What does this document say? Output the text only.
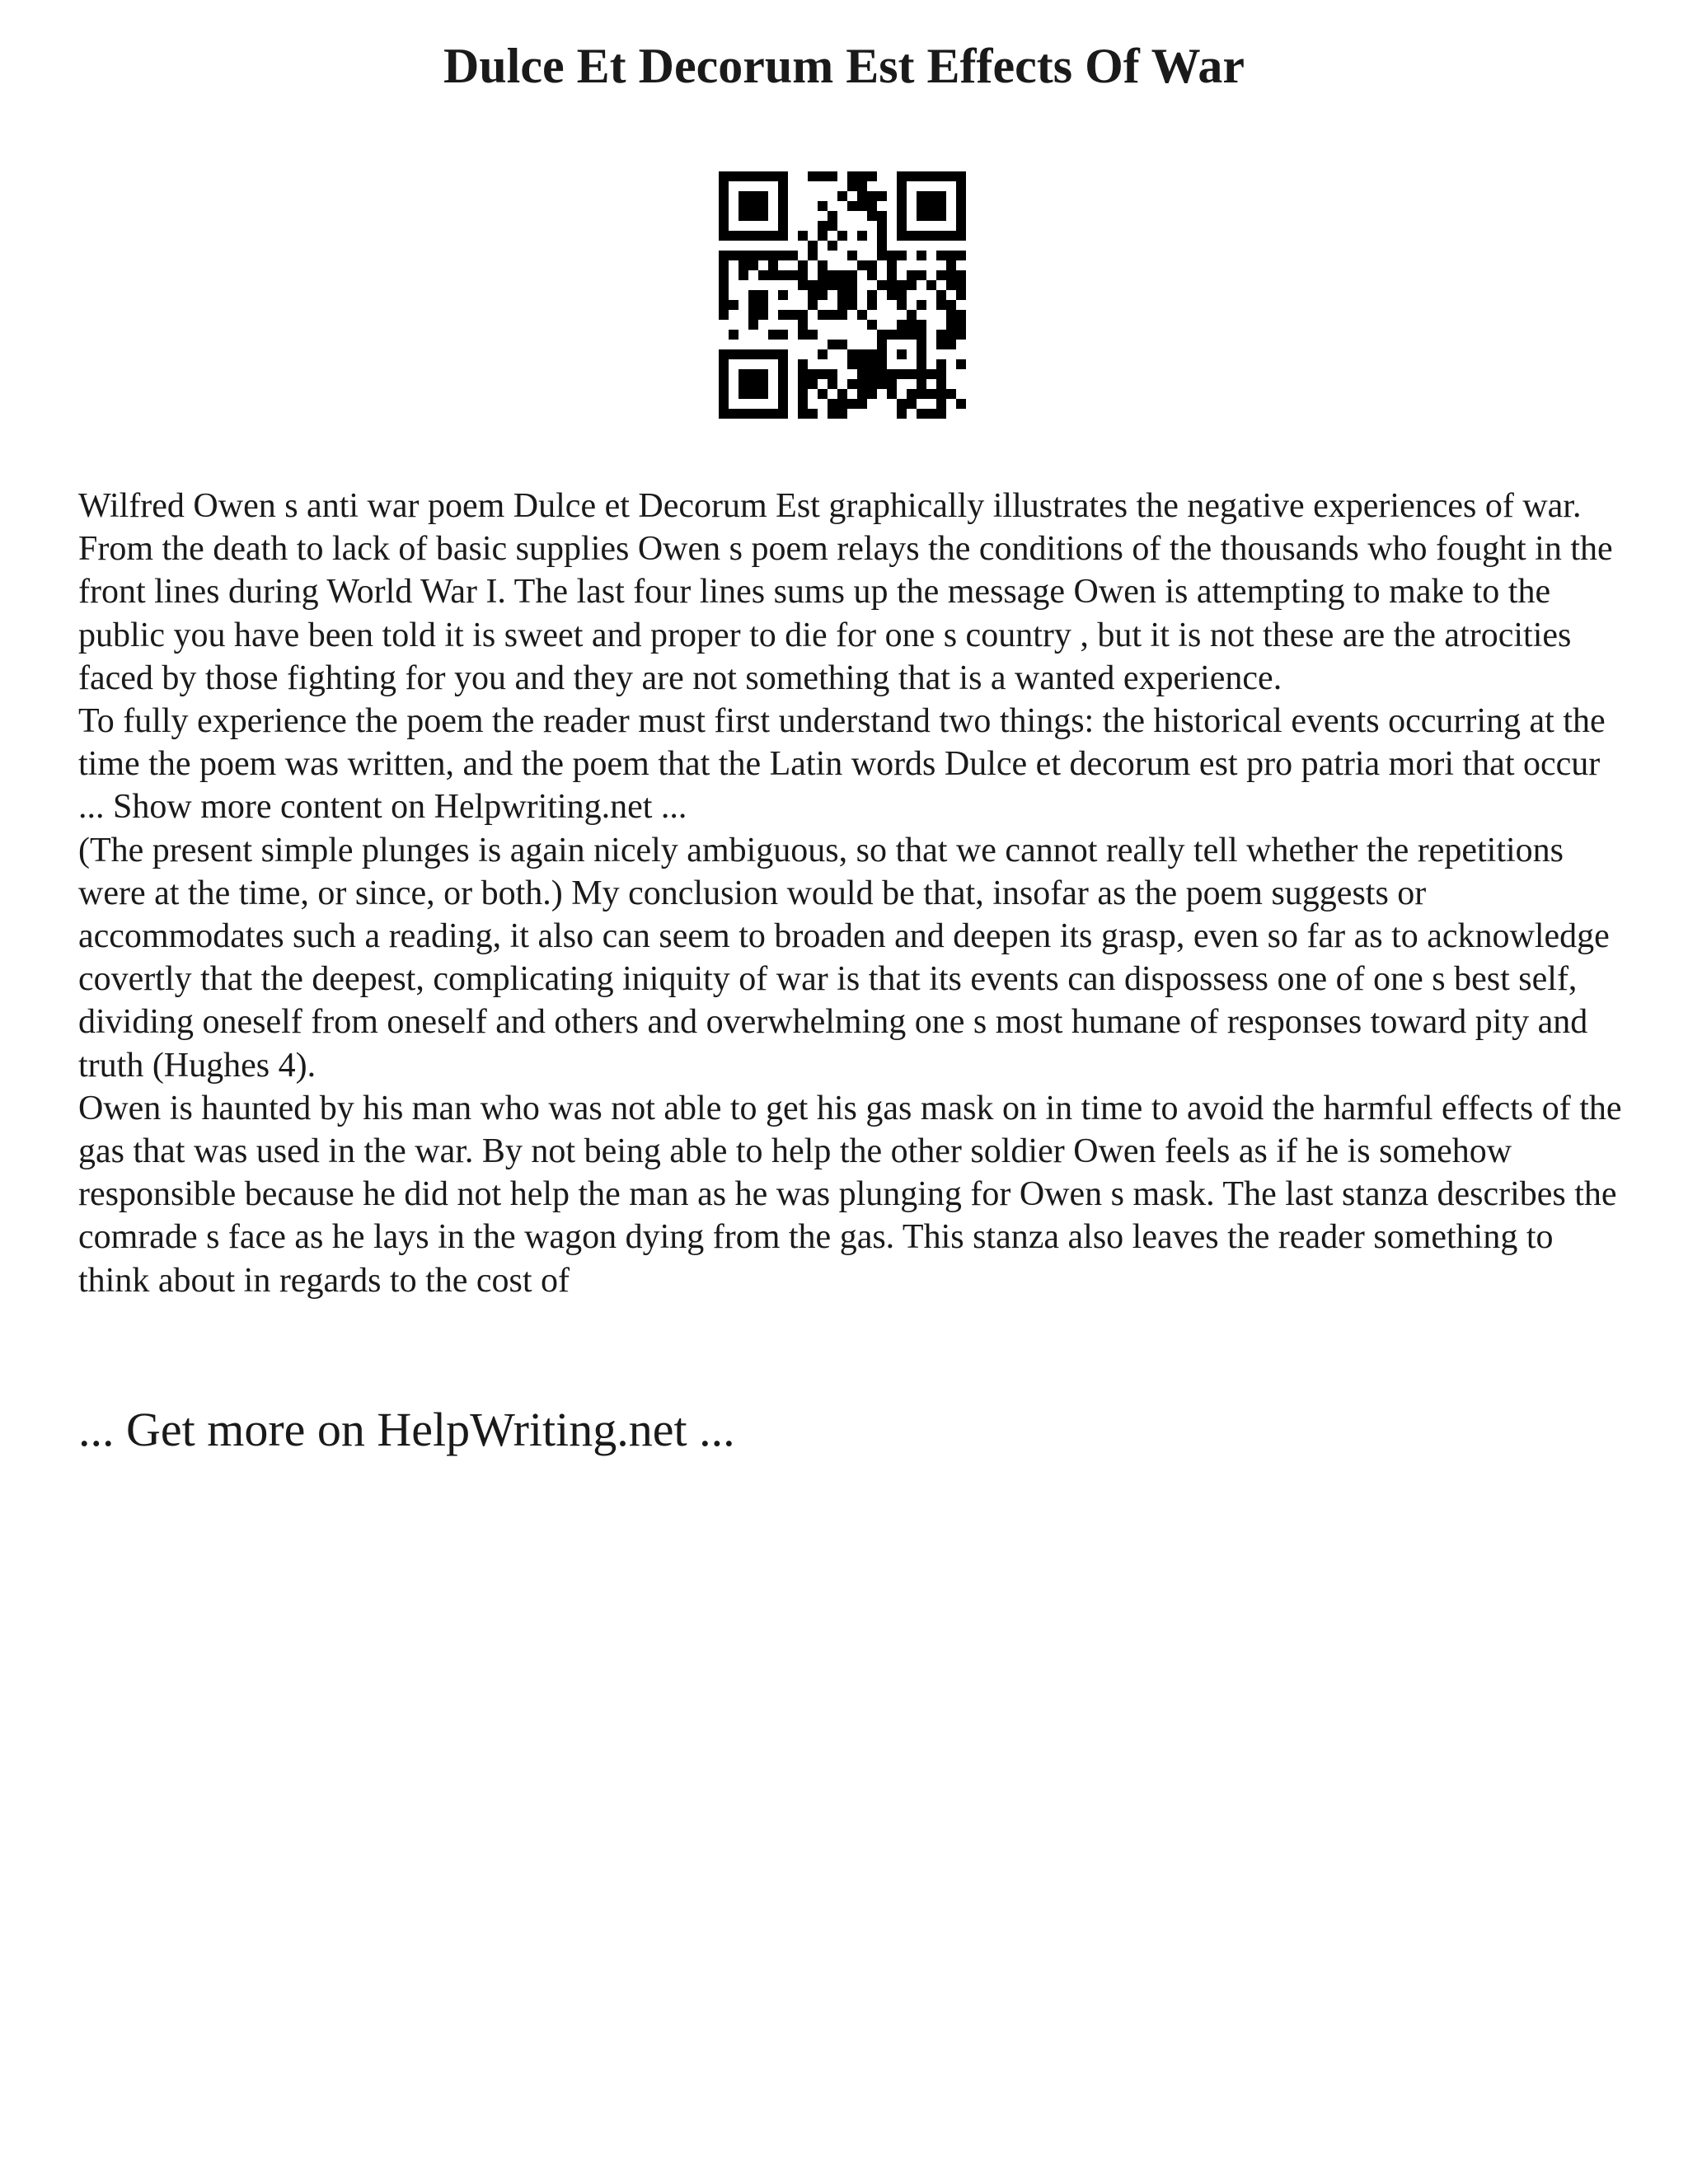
Dulce Et Decorum Est Effects Of War

Wilfred Owen s anti war poem Dulce et Decorum Est graphically illustrates the negative experiences of war. From the death to lack of basic supplies Owen s poem relays the conditions of the thousands who fought in the front lines during World War I. The last four lines sums up the message Owen is attempting to make to the public you have been told it is sweet and proper to die for one s country , but it is not these are the atrocities faced by those fighting for you and they are not something that is a wanted experience.

To fully experience the poem the reader must first understand two things: the historical events occurring at the time the poem was written, and the poem that the Latin words Dulce et decorum est pro patria mori that occur ... Show more content on Helpwriting.net ...

(The present simple plunges is again nicely ambiguous, so that we cannot really tell whether the repetitions were at the time, or since, or both.) My conclusion would be that, insofar as the poem suggests or accommodates such a reading, it also can seem to broaden and deepen its grasp, even so far as to acknowledge covertly that the deepest, complicating iniquity of war is that its events can dispossess one of one s best self, dividing oneself from oneself and others and overwhelming one s most humane of responses toward pity and truth (Hughes 4).

Owen is haunted by his man who was not able to get his gas mask on in time to avoid the harmful effects of the gas that was used in the war. By not being able to help the other soldier Owen feels as if he is somehow responsible because he did not help the man as he was plunging for Owen s mask. The last stanza describes the comrade s face as he lays in the wagon dying from the gas. This stanza also leaves the reader something to think about in regards to the cost of

... Get more on HelpWriting.net ...
